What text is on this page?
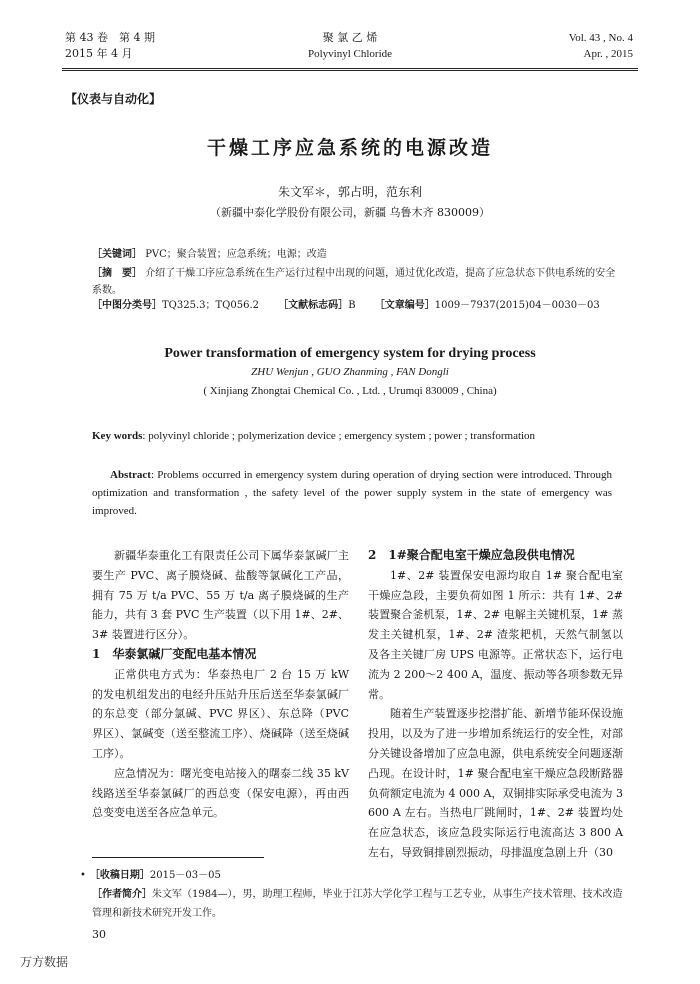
第 43 卷　第 4 期
2015 年 4 月
聚 氯 乙 烯
Polyvinyl Chloride
Vol. 43 , No. 4
Apr. , 2015
【仪表与自动化】
干燥工序应急系统的电源改造
朱文军＊，郭占明，范东利
（新疆中泰化学股份有限公司，新疆 乌鲁木齐 830009）
［关键词］ PVC；聚合装置；应急系统；电源；改造
［摘　要］ 介绍了干燥工序应急系统在生产运行过程中出现的问题，通过优化改造，提高了应急状态下供电系统的安全系数。
［中图分类号］TQ325.3；TQ056.2 ［文献标志码］B ［文章编号］1009－7937(2015)04－0030－03
Power transformation of emergency system for drying process
ZHU Wenjun , GUO Zhanming , FAN Dongli
( Xinjiang Zhongtai Chemical Co. , Ltd. , Urumqi 830009 , China)
Key words: polyvinyl chloride ; polymerization device ; emergency system ; power ; transformation
Abstract: Problems occurred in emergency system during operation of drying section were introduced. Through optimization and transformation , the safety level of the power supply system in the state of emergency was improved.

新疆华泰重化工有限责任公司下属华泰氯碱厂主要生产 PVC、离子膜烧碱、盐酸等氯碱化工产品，拥有 75 万 t/a PVC、55 万 t/a 离子膜烧碱的生产能力，共有 3 套 PVC 生产装置（以下用 1#、2#、3# 装置进行区分）。

1　华泰氯碱厂变配电基本情况

正常供电方式为：华泰热电厂 2 台 15 万 kW 的发电机组发出的电经升压站升压后送至华泰氯碱厂的东总变（部分氯碱、PVC 界区）、东总降（PVC 界区）、氯碱变（送至整流工序）、烧碱降（送至烧碱工序）。

应急情况为：曙光变电站接入的曙泰二线 35 kV 线路送至华泰氯碱厂的西总变（保安电源），再由西总变变电送至各应急单元。

2　1#聚合配电室干燥应急段供电情况

1#、2# 装置保安电源均取自 1# 聚合配电室干燥应急段，主要负荷如图 1 所示：共有 1#、2# 装置聚合釜机泵，1#、2# 电解主关键机泵，1# 蒸发主关键机泵，1#、2# 渣浆耙机，天然气制氢以及各主关键厂房 UPS 电源等。正常状态下，运行电流为 2 200～2 400 A，温度、振动等各项参数无异常。

随着生产装置逐步挖潜扩能、新增节能环保设施投用，以及为了进一步增加系统运行的安全性，对部分关键设备增加了应急电源，供电系统安全问题逐渐凸现。在设计时，1# 聚合配电室干燥应急段断路器负荷额定电流为 4 000 A，双铜排实际承受电流为 3 600 A 左右。当热电厂跳闸时，1#、2# 装置均处在应急状态，该应急段实际运行电流高达 3 800 A 左右，导致铜排剧烈振动，母排温度急剧上升（30

• ［收稿日期］2015－03－05
［作者简介］朱文军（1984—），男，助理工程师，毕业于江苏大学化学工程与工艺专业，从事生产技术管理、技术改造
管理和新技术研究开发工作。
30
万方数据
